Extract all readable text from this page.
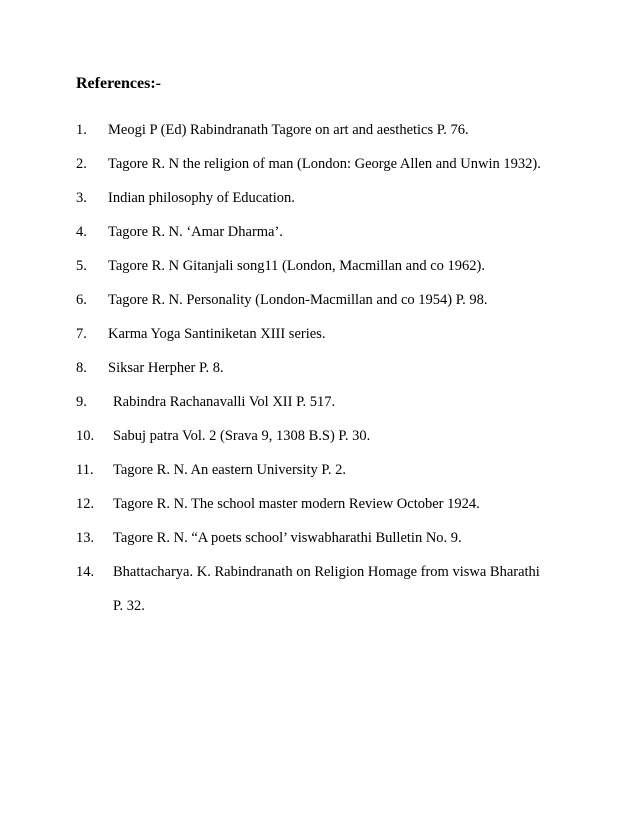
References:-
1. Meogi P (Ed) Rabindranath Tagore on art and aesthetics P. 76.
2. Tagore R. N the religion of man (London: George Allen and Unwin 1932).
3. Indian philosophy of Education.
4. Tagore R. N. ‘Amar Dharma’.
5. Tagore R. N Gitanjali song11 (London, Macmillan and co 1962).
6. Tagore R. N. Personality (London-Macmillan and co 1954) P. 98.
7. Karma Yoga Santiniketan XIII series.
8. Siksar Herpher P. 8.
9. Rabindra Rachanavalli Vol XII P. 517.
10. Sabuj patra Vol. 2 (Srava 9, 1308 B.S) P. 30.
11. Tagore R. N. An eastern University P. 2.
12. Tagore R. N. The school master modern Review October 1924.
13. Tagore R. N. “A poets school’ viswabharathi Bulletin No. 9.
14. Bhattacharya. K. Rabindranath on Religion Homage from viswa Bharathi
P. 32.
